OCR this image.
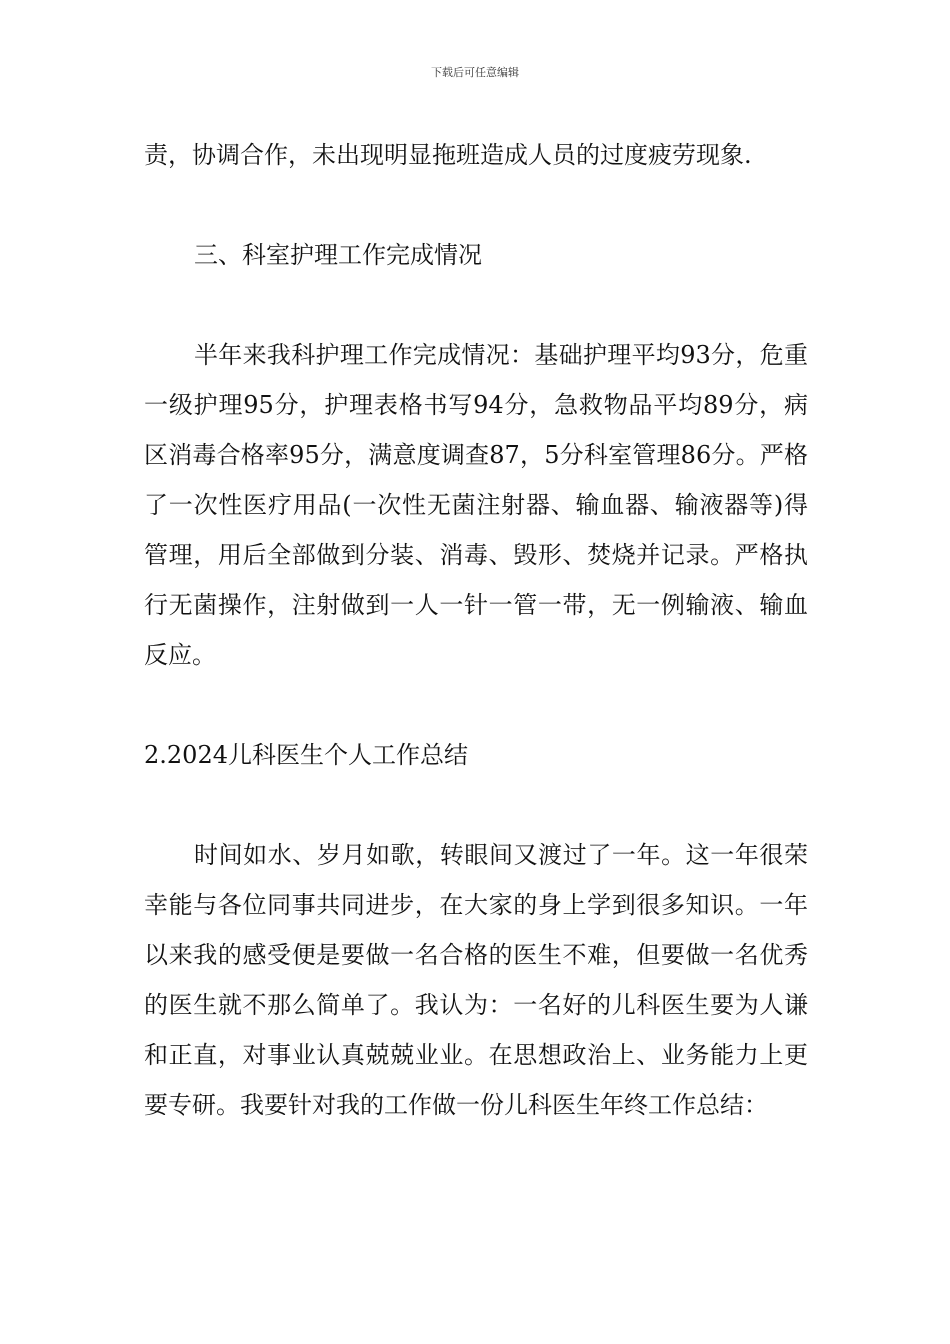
下载后可任意编辑

责，协调合作，未出现明显拖班造成人员的过度疲劳现象.

三、科室护理工作完成情况

半年来我科护理工作完成情况：基础护理平均93分，危重一级护理95分，护理表格书写94分，急救物品平均89分，病区消毒合格率95分，满意度调查87，5分科室管理86分。严格了一次性医疗用品(一次性无菌注射器、输血器、输液器等)得管理，用后全部做到分装、消毒、毁形、焚烧并记录。严格执行无菌操作，注射做到一人一针一管一带，无一例输液、输血反应。

2.2024儿科医生个人工作总结

时间如水、岁月如歌，转眼间又渡过了一年。这一年很荣幸能与各位同事共同进步，在大家的身上学到很多知识。一年以来我的感受便是要做一名合格的医生不难，但要做一名优秀的医生就不那么简单了。我认为：一名好的儿科医生要为人谦和正直，对事业认真兢兢业业。在思想政治上、业务能力上更要专研。我要针对我的工作做一份儿科医生年终工作总结：
